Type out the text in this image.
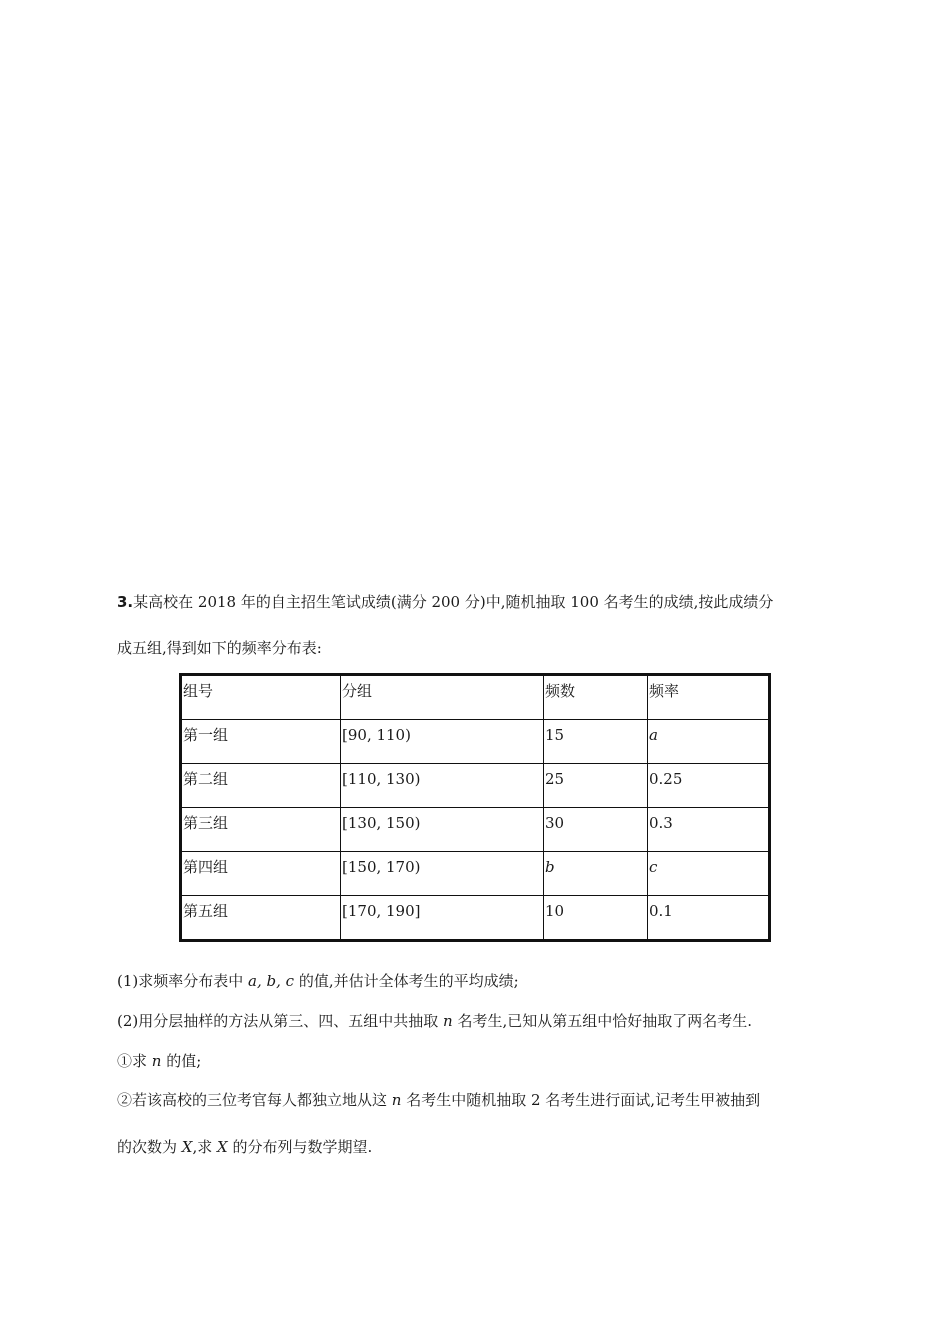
3.某高校在 2018 年的自主招生笔试成绩(满分 200 分)中,随机抽取 100 名考生的成绩,按此成绩分
成五组,得到如下的频率分布表:
组号	分组	频数	频率
第一组	[90, 110)	15	a
第二组	[110, 130)	25	0.25
第三组	[130, 150)	30	0.3
第四组	[150, 170)	b	c
第五组	[170, 190]	10	0.1
(1)求频率分布表中 a, b, c 的值,并估计全体考生的平均成绩;
(2)用分层抽样的方法从第三、四、五组中共抽取 n 名考生,已知从第五组中恰好抽取了两名考生.
①求 n 的值;
②若该高校的三位考官每人都独立地从这 n 名考生中随机抽取 2 名考生进行面试,记考生甲被抽到
的次数为 X,求 X 的分布列与数学期望.
